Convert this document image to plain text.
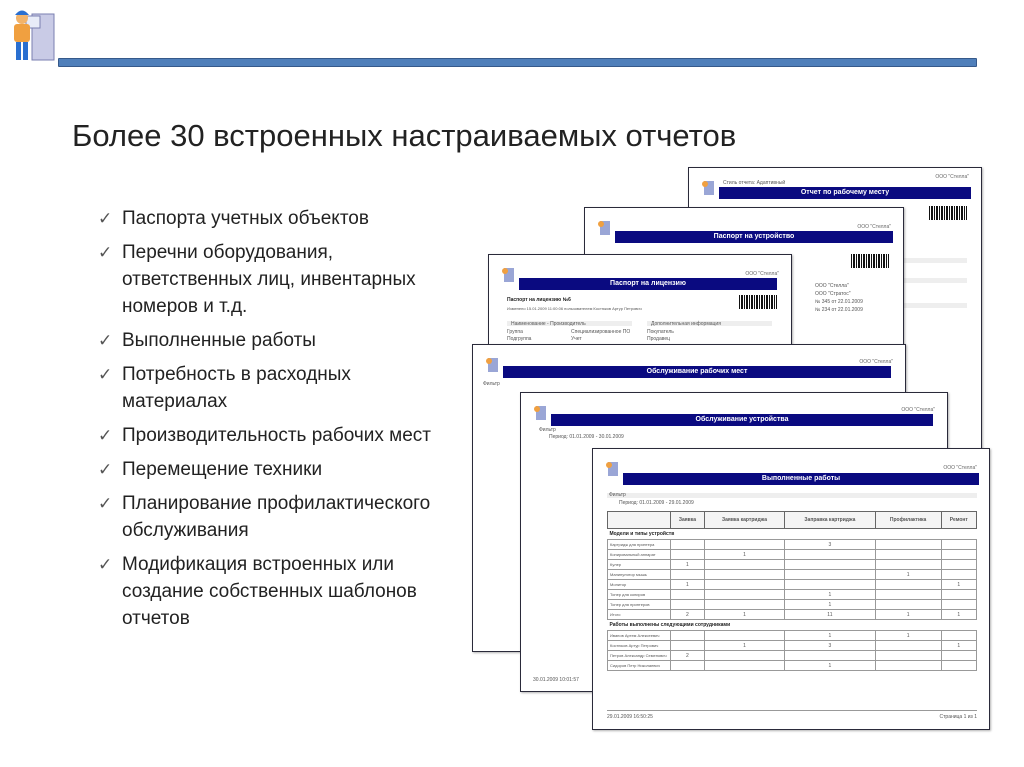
Более 30 встроенных настраиваемых отчетов
✓ Паспорта учетных объектов
✓ Перечни оборудования, ответственных лиц, инвентарных номеров и т.д.
✓ Выполненные работы
✓ Потребность в расходных материалах
✓ Производительность рабочих мест
✓ Перемещение техники
✓ Планирование профилактического обслуживания
✓ Модификация встроенных или создание собственных шаблонов отчетов
Стиль отчета: Адаптивный
ООО "Стелла"
Отчет по рабочему месту
ООО "Стелла"
Паспорт на устройство
ООО "Стелла"
ООО "Стратос"
№ 345 от 22.01.2009
№ 234 от 22.01.2009
ООО "Стелла"
Паспорт на лицензию
Паспорт на лицензию №6
Изменено 15.01.2009 11:00:06 пользователем Костюков Артур Петрович
Наименование - Производитель	Дополнительная информация
Группа	Специализированное ПО	Покупатель
Подгруппа	Учет	Продавец
ООО "Стелла"
Обслуживание рабочих мест
Фильтр
ООО "Стелла"
Обслуживание устройства
Фильтр
Период: 01.01.2009 - 30.01.2009
30.01.2009 10:01:57
ООО "Стелла"
Выполненные работы
Фильтр
Период: 01.01.2009 - 29.01.2009
	Заявка	Заявка картриджа	Заправка картриджа	Профилактика	Ремонт
Модели и типы устройств					
Картридж для принтера			3		
Копировальный аппарат		1			
Кулер	1				
Манипулятор мышь				1	
Монитор	1				1
Тонер для копиров			1		
Тонер для принтеров			1		
Итого	2	1	11	1	1
Работы выполнены следующими сотрудниками					
Иванов Артем Алексеевич			1	1	
Костюков Артур Петрович		1	3		1
Петров Александр Семенович	2				
Сидоров Петр Николаевич			1		
29.01.2009 16:50:25	Страница 1 из 1
